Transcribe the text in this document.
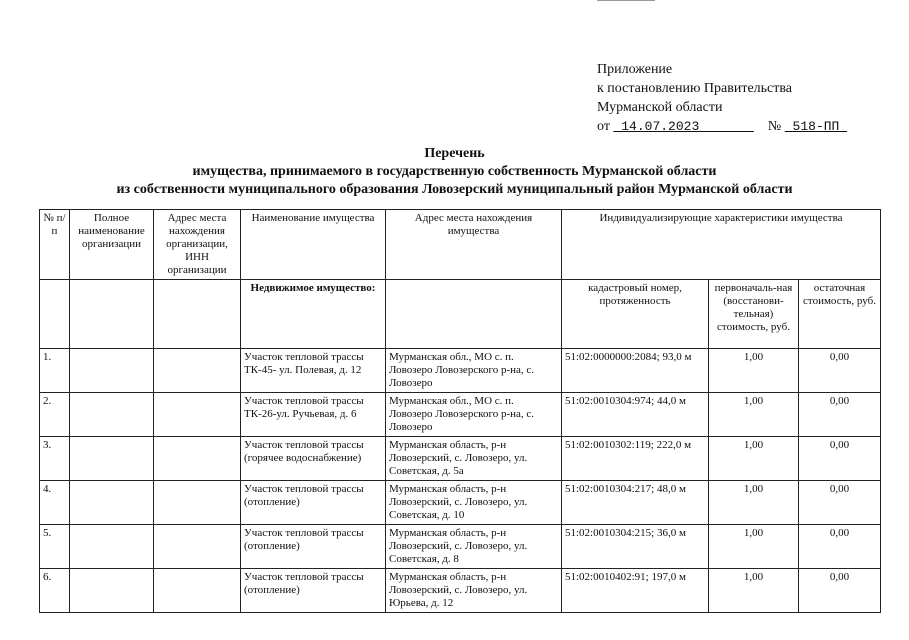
Приложение
к постановлению Правительства
Мурманской области
от 14.07.2023	№ 518-ПП
Перечень
имущества, принимаемого в государственную собственность Мурманской области
из собственности муниципального образования Ловозерский муниципальный район Мурманской области
№ п/п	Полное наименование организации	Адрес места нахождения организации, ИНН организации	Наименование имущества	Адрес места нахождения имущества	Индивидуализирующие характеристики имущества		
			Недвижимое имущество:		кадастровый номер, протяженность	первоначаль-ная (восстанови-тельная) стоимость, руб.	остаточная стоимость, руб.
1.			Участок тепловой трассы ТК-45- ул. Полевая, д. 12	Мурманская обл., МО с. п. Ловозеро Ловозерского р-на, с. Ловозеро	51:02:0000000:2084; 93,0 м	1,00	0,00
2.			Участок тепловой трассы ТК-26-ул. Ручьевая, д. 6	Мурманская обл., МО с. п. Ловозеро Ловозерского р-на, с. Ловозеро	51:02:0010304:974; 44,0 м	1,00	0,00
3.			Участок тепловой трассы (горячее водоснабжение)	Мурманская область, р-н Ловозерский, с. Ловозеро, ул. Советская, д. 5а	51:02:0010302:119; 222,0 м	1,00	0,00
4.			Участок тепловой трассы (отопление)	Мурманская область, р-н Ловозерский, с. Ловозеро, ул. Советская, д. 10	51:02:0010304:217; 48,0 м	1,00	0,00
5.			Участок тепловой трассы (отопление)	Мурманская область, р-н Ловозерский, с. Ловозеро, ул. Советская, д. 8	51:02:0010304:215; 36,0 м	1,00	0,00
6.			Участок тепловой трассы (отопление)	Мурманская область, р-н Ловозерский, с. Ловозеро, ул. Юрьева, д. 12	51:02:0010402:91; 197,0 м	1,00	0,00
